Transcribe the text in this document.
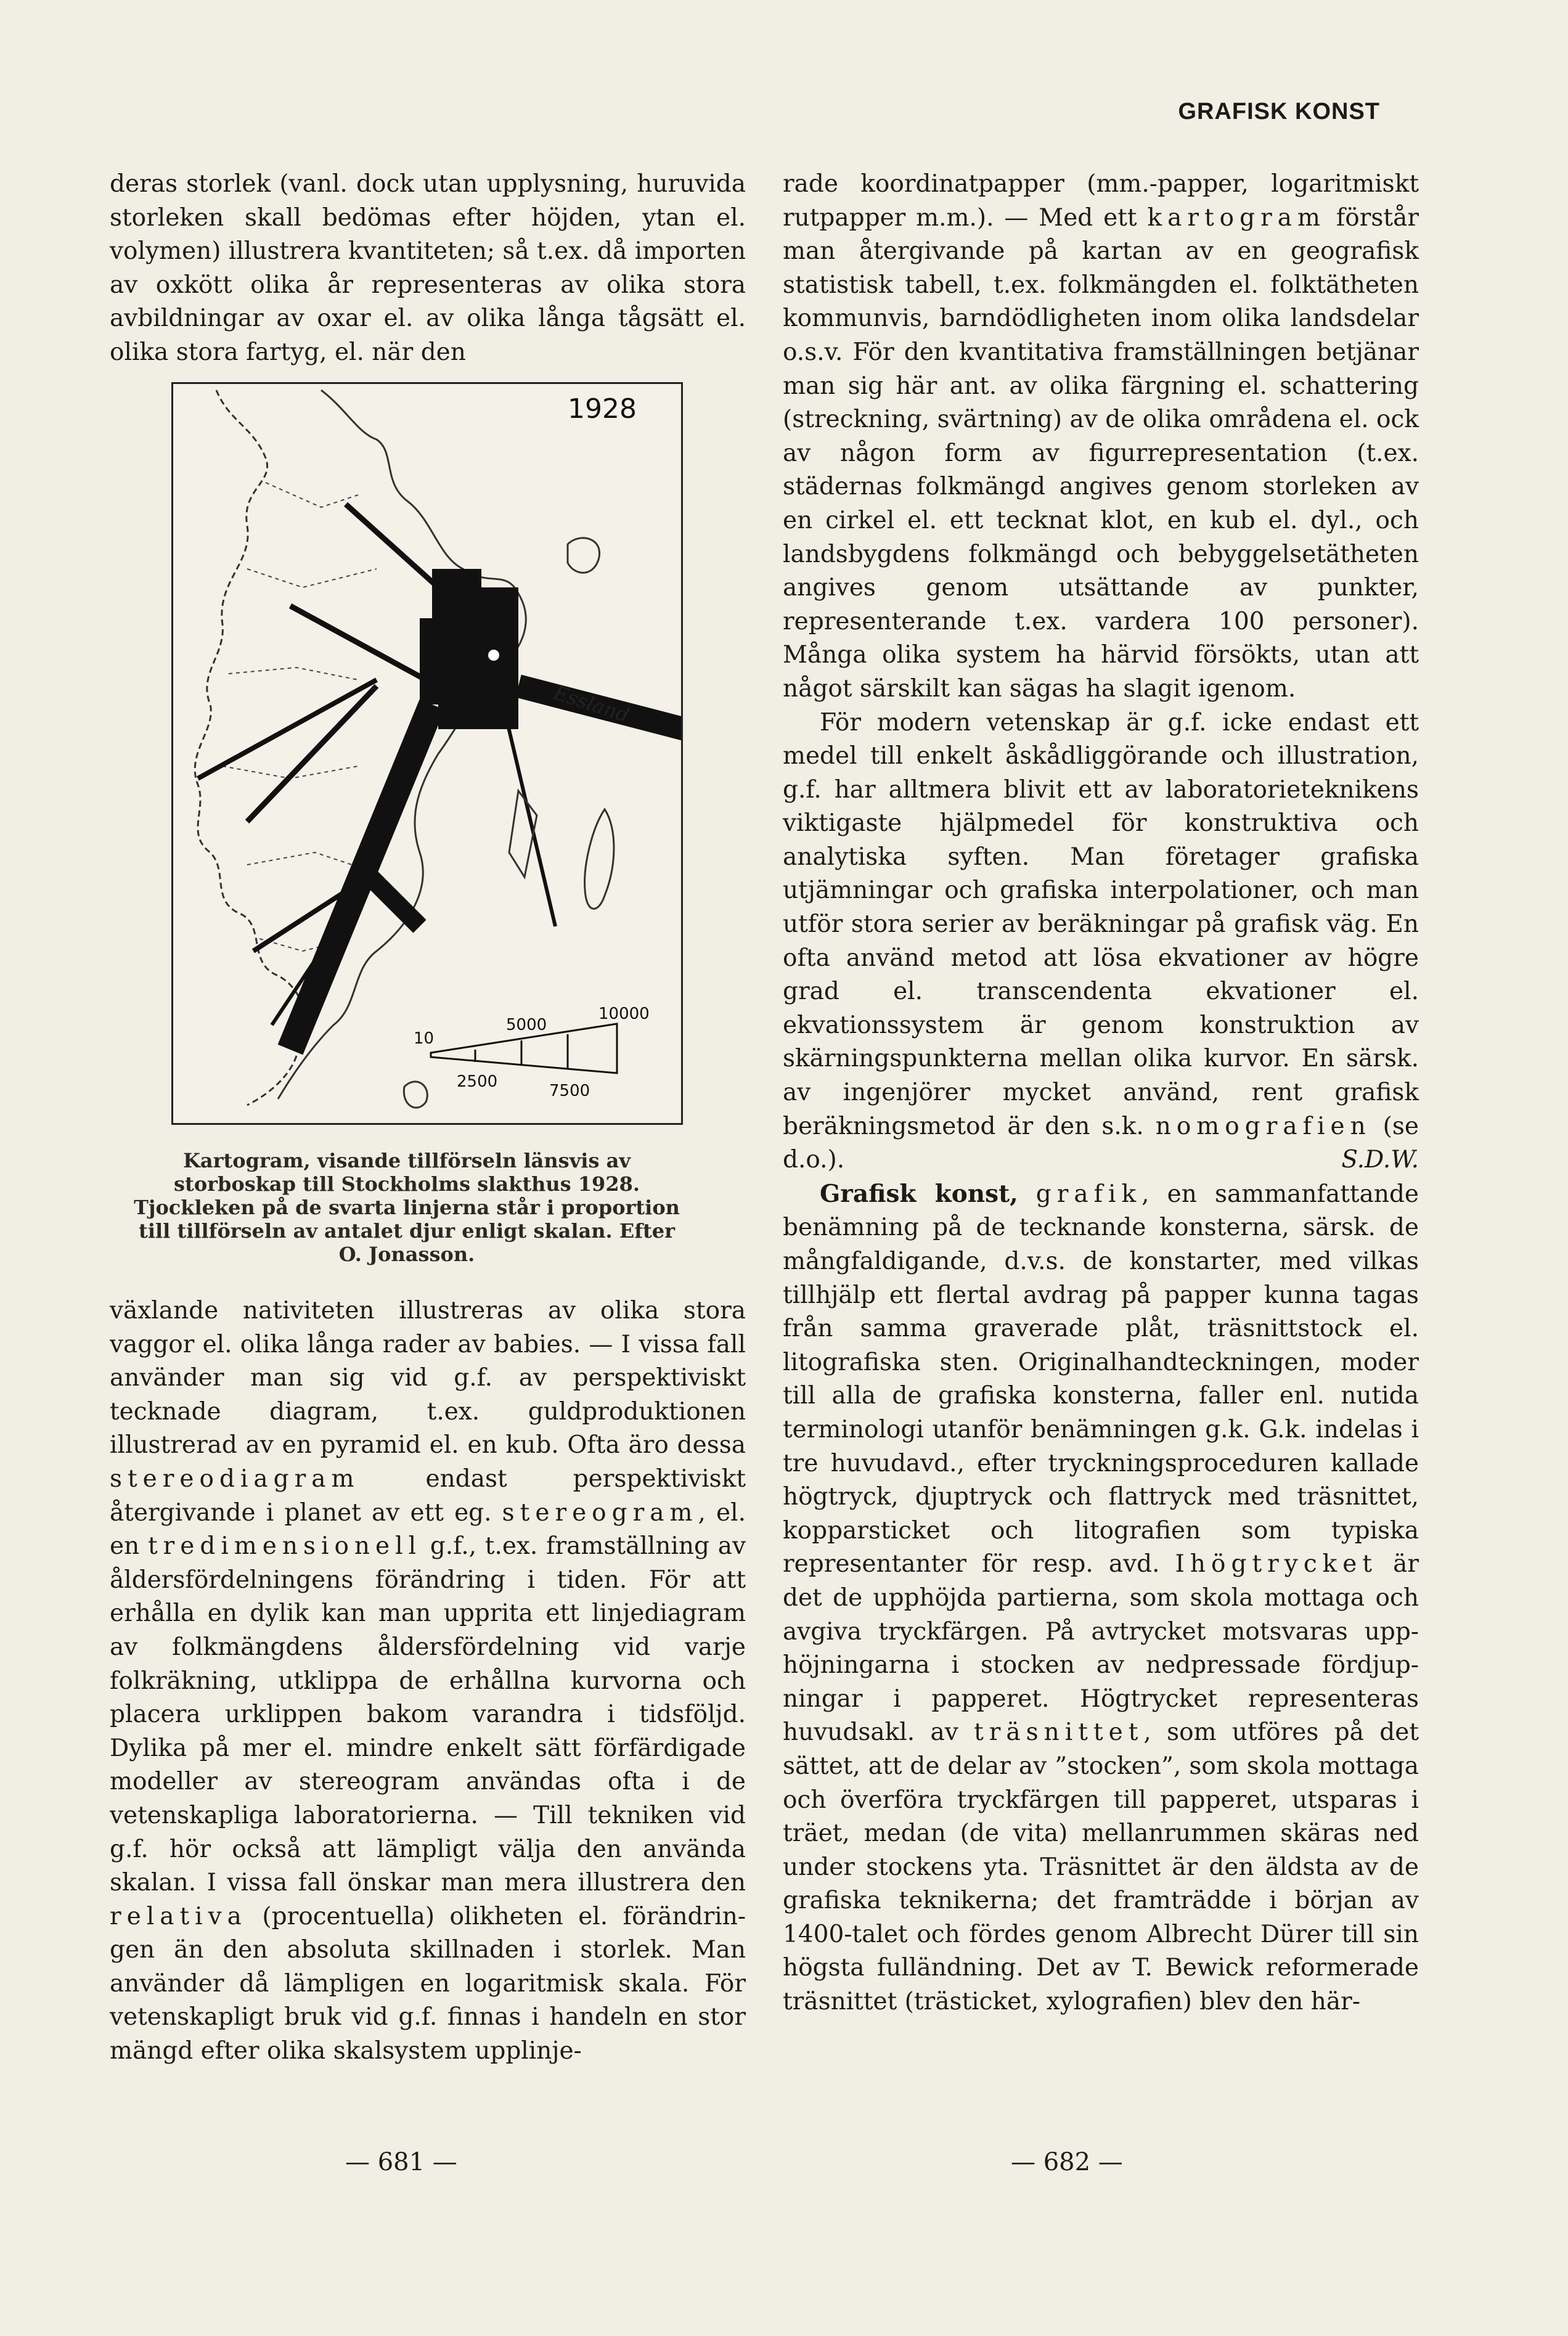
GRAFISK KONST

deras storlek (vanl. dock utan upplysning, huruvida storleken skall bedömas efter höjden, ytan el. volymen) illustrera kvantiteten; så t.ex. då importen av oxkött olika år representeras av olika stora avbildningar av oxar el. av olika långa tågsätt el. olika stora fartyg, el. när den

Essland
1928
10
2500
5000
7500
10000
Kartogram, visande tillförseln länsvis av storboskap till Stockholms slakthus 1928. Tjockleken på de svarta linjerna står i proportion till tillförseln av antalet djur enligt skalan. Efter O. Jonasson.

växlande nativiteten illustreras av olika stora vaggor el. olika långa rader av babies. — I vissa fall använder man sig vid g.f. av perspektiviskt tecknade diagram, t.ex. guldproduktionen illustrerad av en pyramid el. en kub. Ofta äro dessa stereodiagram endast perspektiviskt återgivande i planet av ett eg. stereogram, el. en tredimensionell g.f., t.ex. framställning av åldersfördelningens förändring i tiden. För att erhålla en dylik kan man uppritа ett linjediagram av folkmängdens åldersfördelning vid varje folkräkning, utklippa de erhållna kurvorna och placera urklippen bakom varandra i tidsföljd. Dylika på mer el. mindre enkelt sätt förfärdigade modeller av stereogram användas ofta i de vetenskapliga laboratorierna. — Till tekniken vid g.f. hör också att lämpligt välja den använda skalan. I vissa fall önskar man mera illustrera den relativa (procentuella) olikheten el. förändringen än den absoluta skillnaden i storlek. Man använder då lämpligen en logaritmisk skala. För vetenskapligt bruk vid g.f. finnas i handeln en stor mängd efter olika skalsystem upplinje-

rade koordinatpapper (mm.-papper, logaritmiskt rutpapper m.m.). — Med ett kartogram förstår man återgivande på kartan av en geografisk statistisk tabell, t.ex. folkmängden el. folktätheten kommunvis, barndödligheten inom olika landsdelar o.s.v. För den kvantitativa framställningen betjänar man sig här ant. av olika färgning el. schattering (streckning, svärtning) av de olika områdena el. ock av någon form av figurrepresentation (t.ex. städernas folkmängd angives genom storleken av en cirkel el. ett tecknat klot, en kub el. dyl., och landsbygdens folkmängd och bebyggelsetätheten angives genom utsättande av punkter, representerande t.ex. vardera 100 personer). Många olika system ha härvid försökts, utan att något särskilt kan sägas ha slagit igenom.

För modern vetenskap är g.f. icke endast ett medel till enkelt åskådliggörande och illustration, g.f. har alltmera blivit ett av laboratorieteknikens viktigaste hjälpmedel för konstruktiva och analytiska syften. Man företager grafiska utjämningar och grafiska interpolationer, och man utför stora serier av beräkningar på grafisk väg. En ofta använd metod att lösa ekvationer av högre grad el. transcendenta ekvationer el. ekvationssystem är genom konstruktion av skärningspunkterna mellan olika kurvor. En särsk. av ingenjörer mycket använd, rent grafisk beräkningsmetod är den s.k. nomografien (se d.o.).	S.D.W.

Grafisk konst, grafik, en sammanfattande benämning på de tecknande konsterna, särsk. de mångfaldigande, d.v.s. de konstarter, med vilkas tillhjälp ett flertal avdrag på papper kunna tagas från samma graverade plåt, träsnittstock el. litografiska sten. Originalhandteckningen, moder till alla de grafiska konsterna, faller enl. nutida terminologi utanför benämningen g.k. G.k. indelas i tre huvudavd., efter tryckningsproceduren kallade högtryck, djuptryck och flattryck med träsnittet, kopparsticket och litografien som typiska representanter för resp. avd. Ihögtrycket är det de upphöjda partierna, som skola mottaga och avgiva tryckfärgen. På avtrycket motsvaras upphöjningarna i stocken av nedpressade fördjupningar i papperet. Högtrycket representeras huvudsakl. av träsnittet, som utföres på det sättet, att de delar av ”stocken”, som skola mottaga och överföra tryckfärgen till papperet, utsparas i träet, medan (de vita) mellanrummen skäras ned under stockens yta. Träsnittet är den äldsta av de grafiska teknikerna; det framträdde i början av 1400-talet och fördes genom Albrecht Dürer till sin högsta fulländning. Det av T. Bewick reformerade träsnittet (trästicket, xylografien) blev den här-

— 681 —	— 682 —
